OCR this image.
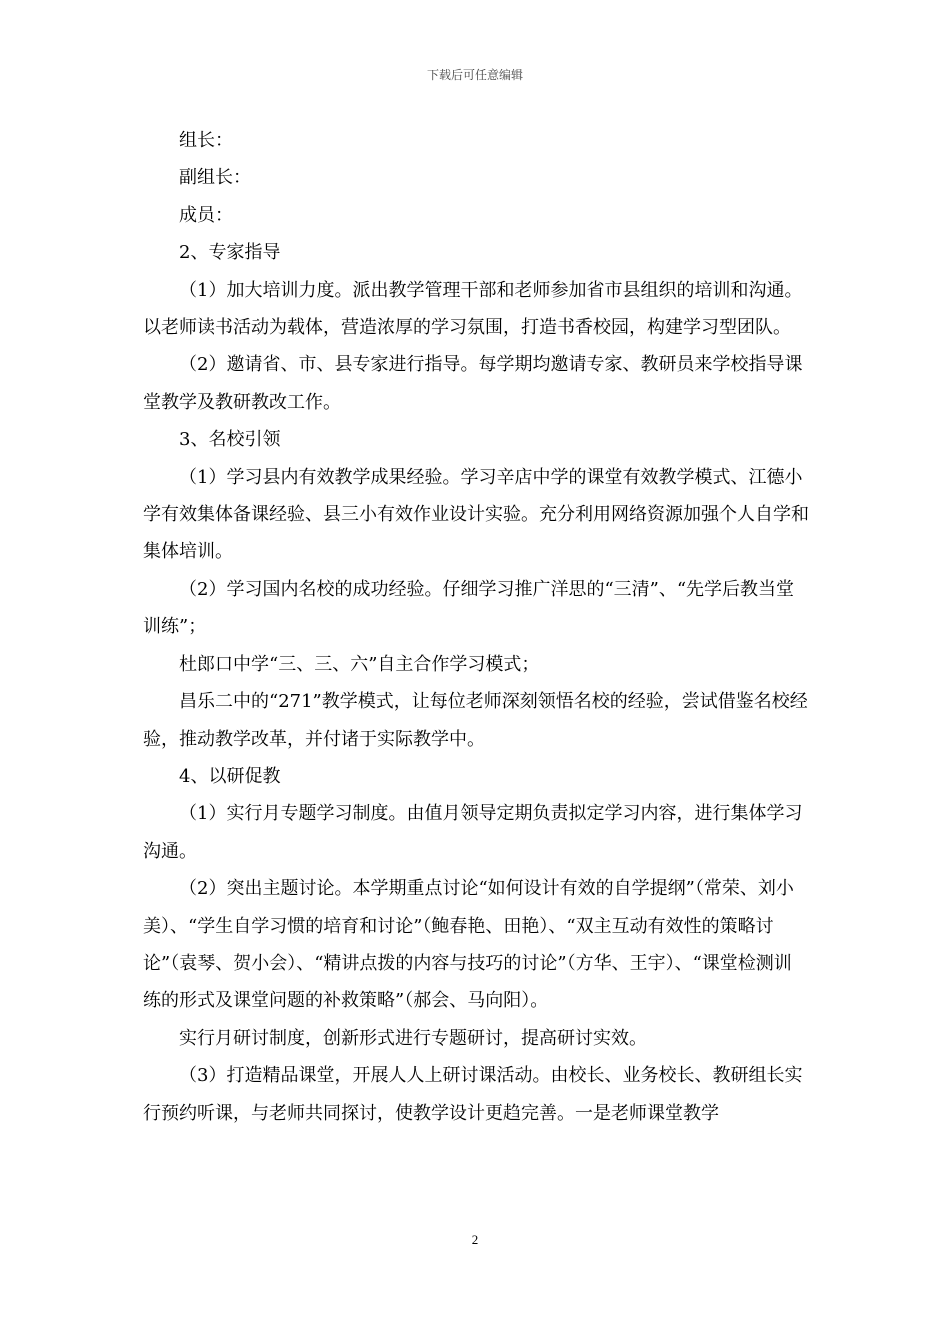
下载后可任意编辑

组长：

副组长：

成员：

2、专家指导

（1）加大培训力度。派出教学管理干部和老师参加省市县组织的培训和沟通。以老师读书活动为载体，营造浓厚的学习氛围，打造书香校园，构建学习型团队。

（2）邀请省、市、县专家进行指导。每学期均邀请专家、教研员来学校指导课堂教学及教研教改工作。

3、名校引领

（1）学习县内有效教学成果经验。学习辛店中学的课堂有效教学模式、江德小学有效集体备课经验、县三小有效作业设计实验。充分利用网络资源加强个人自学和集体培训。

（2）学习国内名校的成功经验。仔细学习推广洋思的“三清”、“先学后教当堂训练”；

杜郎口中学“三、三、六”自主合作学习模式；

昌乐二中的“271”教学模式，让每位老师深刻领悟名校的经验，尝试借鉴名校经验，推动教学改革，并付诸于实际教学中。

4、以研促教

（1）实行月专题学习制度。由值月领导定期负责拟定学习内容，进行集体学习沟通。

（2）突出主题讨论。本学期重点讨论“如何设计有效的自学提纲”（常荣、刘小美）、“学生自学习惯的培育和讨论”（鲍春艳、田艳）、“双主互动有效性的策略讨论”（袁琴、贺小会）、“精讲点拨的内容与技巧的讨论”（方华、王宇）、“课堂检测训练的形式及课堂问题的补救策略”（郝会、马向阳）。

实行月研讨制度，创新形式进行专题研讨，提高研讨实效。

（3）打造精品课堂，开展人人上研讨课活动。由校长、业务校长、教研组长实行预约听课，与老师共同探讨，使教学设计更趋完善。一是老师课堂教学

2
